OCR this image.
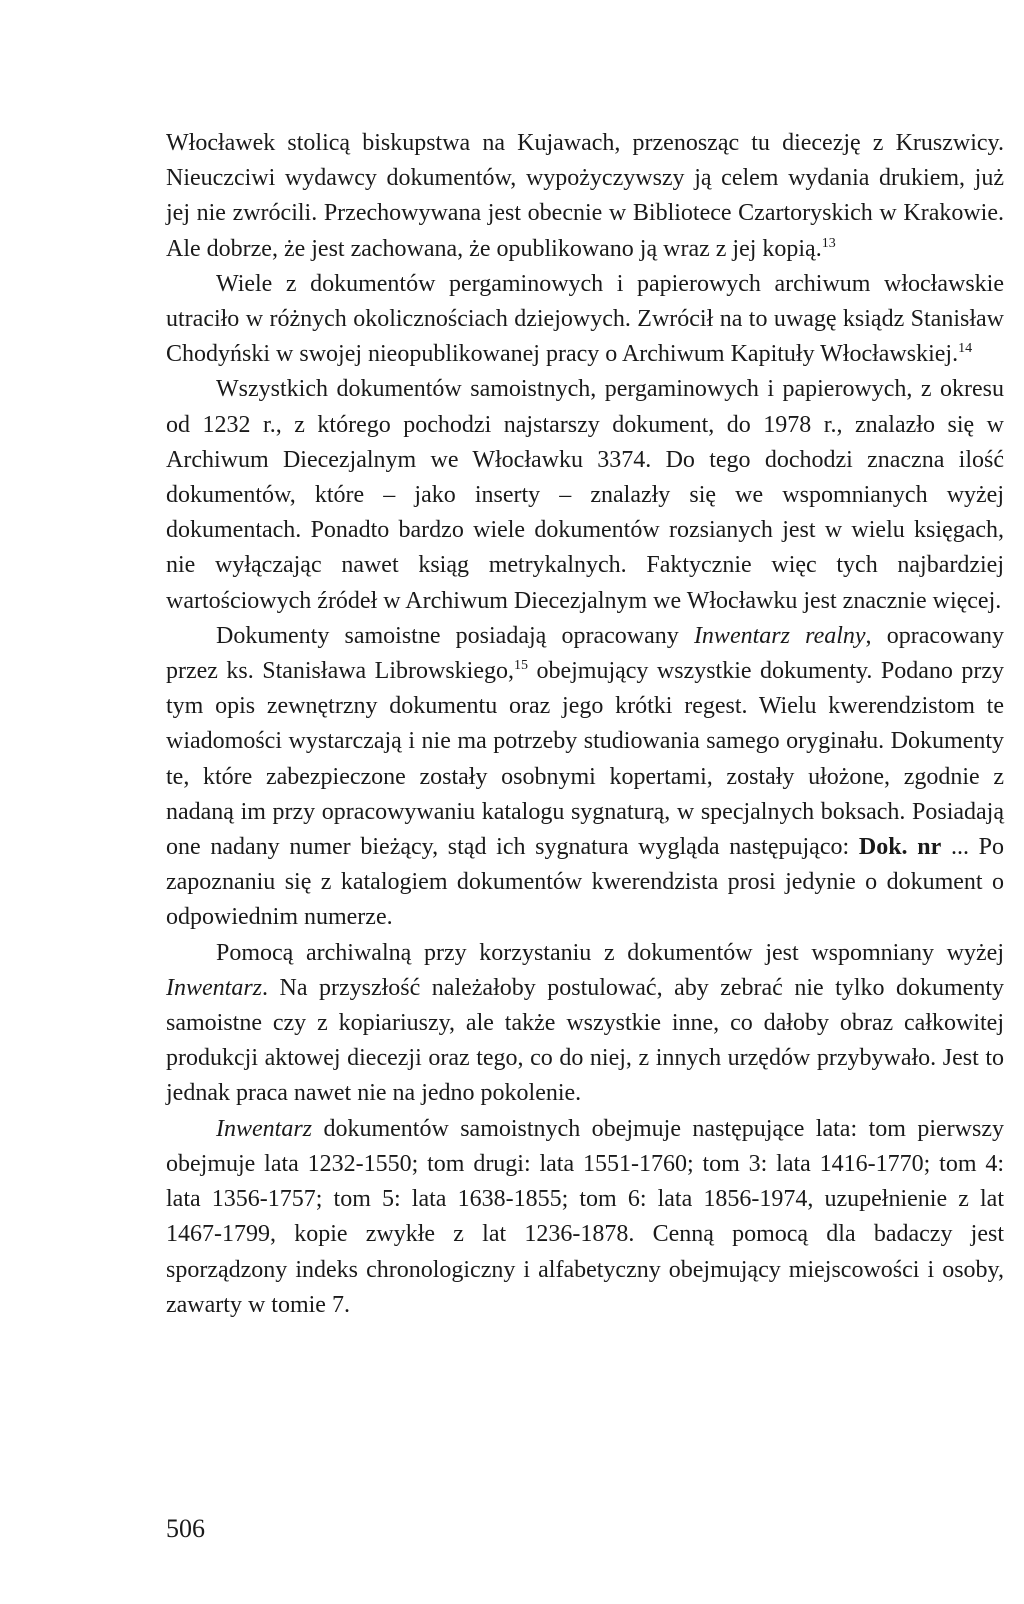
Włocławek stolicą biskupstwa na Kujawach, przenosząc tu diecezję z Kruszwicy. Nieuczciwi wydawcy dokumentów, wypożyczywszy ją celem wydania drukiem, już jej nie zwrócili. Przechowywana jest obecnie w Bibliotece Czartoryskich w Krakowie. Ale dobrze, że jest zachowana, że opublikowano ją wraz z jej kopią.$^{13}$

Wiele z dokumentów pergaminowych i papierowych archiwum włocławskie utraciło w różnych okolicznościach dziejowych. Zwrócił na to uwagę ksiądz Stanisław Chodyński w swojej nieopublikowanej pracy o Archiwum Kapituły Włocławskiej.$^{14}$

Wszystkich dokumentów samoistnych, pergaminowych i papierowych, z okresu od 1232 r., z którego pochodzi najstarszy dokument, do 1978 r., znalazło się w Archiwum Diecezjalnym we Włocławku 3374. Do tego dochodzi znaczna ilość dokumentów, które – jako inserty – znalazły się we wspomnianych wyżej dokumentach. Ponadto bardzo wiele dokumentów rozsianych jest w wielu księgach, nie wyłączając nawet ksiąg metrykalnych. Faktycznie więc tych najbardziej wartościowych źródeł w Archiwum Diecezjalnym we Włocławku jest znacznie więcej.

Dokumenty samoistne posiadają opracowany Inwentarz realny, opracowany przez ks. Stanisława Librowskiego,$^{15}$ obejmujący wszystkie dokumenty. Podano przy tym opis zewnętrzny dokumentu oraz jego krótki regest. Wielu kwerendzistom te wiadomości wystarczają i nie ma potrzeby studiowania samego oryginału. Dokumenty te, które zabezpieczone zostały osobnymi kopertami, zostały ułożone, zgodnie z nadaną im przy opracowywaniu katalogu sygnaturą, w specjalnych boksach. Posiadają one nadany numer bieżący, stąd ich sygnatura wygląda następująco: Dok. nr ... Po zapoznaniu się z katalogiem dokumentów kwerendzista prosi jedynie o dokument o odpowiednim numerze.

Pomocą archiwalną przy korzystaniu z dokumentów jest wspomniany wyżej Inwentarz. Na przyszłość należałoby postulować, aby zebrać nie tylko dokumenty samoistne czy z kopiariuszy, ale także wszystkie inne, co dałoby obraz całkowitej produkcji aktowej diecezji oraz tego, co do niej, z innych urzędów przybywało. Jest to jednak praca nawet nie na jedno pokolenie.

Inwentarz dokumentów samoistnych obejmuje następujące lata: tom pierwszy obejmuje lata 1232-1550; tom drugi: lata 1551-1760; tom 3: lata 1416-1770; tom 4: lata 1356-1757; tom 5: lata 1638-1855; tom 6: lata 1856-1974, uzupełnienie z lat 1467-1799, kopie zwykłe z lat 1236-1878. Cenną pomocą dla badaczy jest sporządzony indeks chronologiczny i alfabetyczny obejmujący miejscowości i osoby, zawarty w tomie 7.

506
